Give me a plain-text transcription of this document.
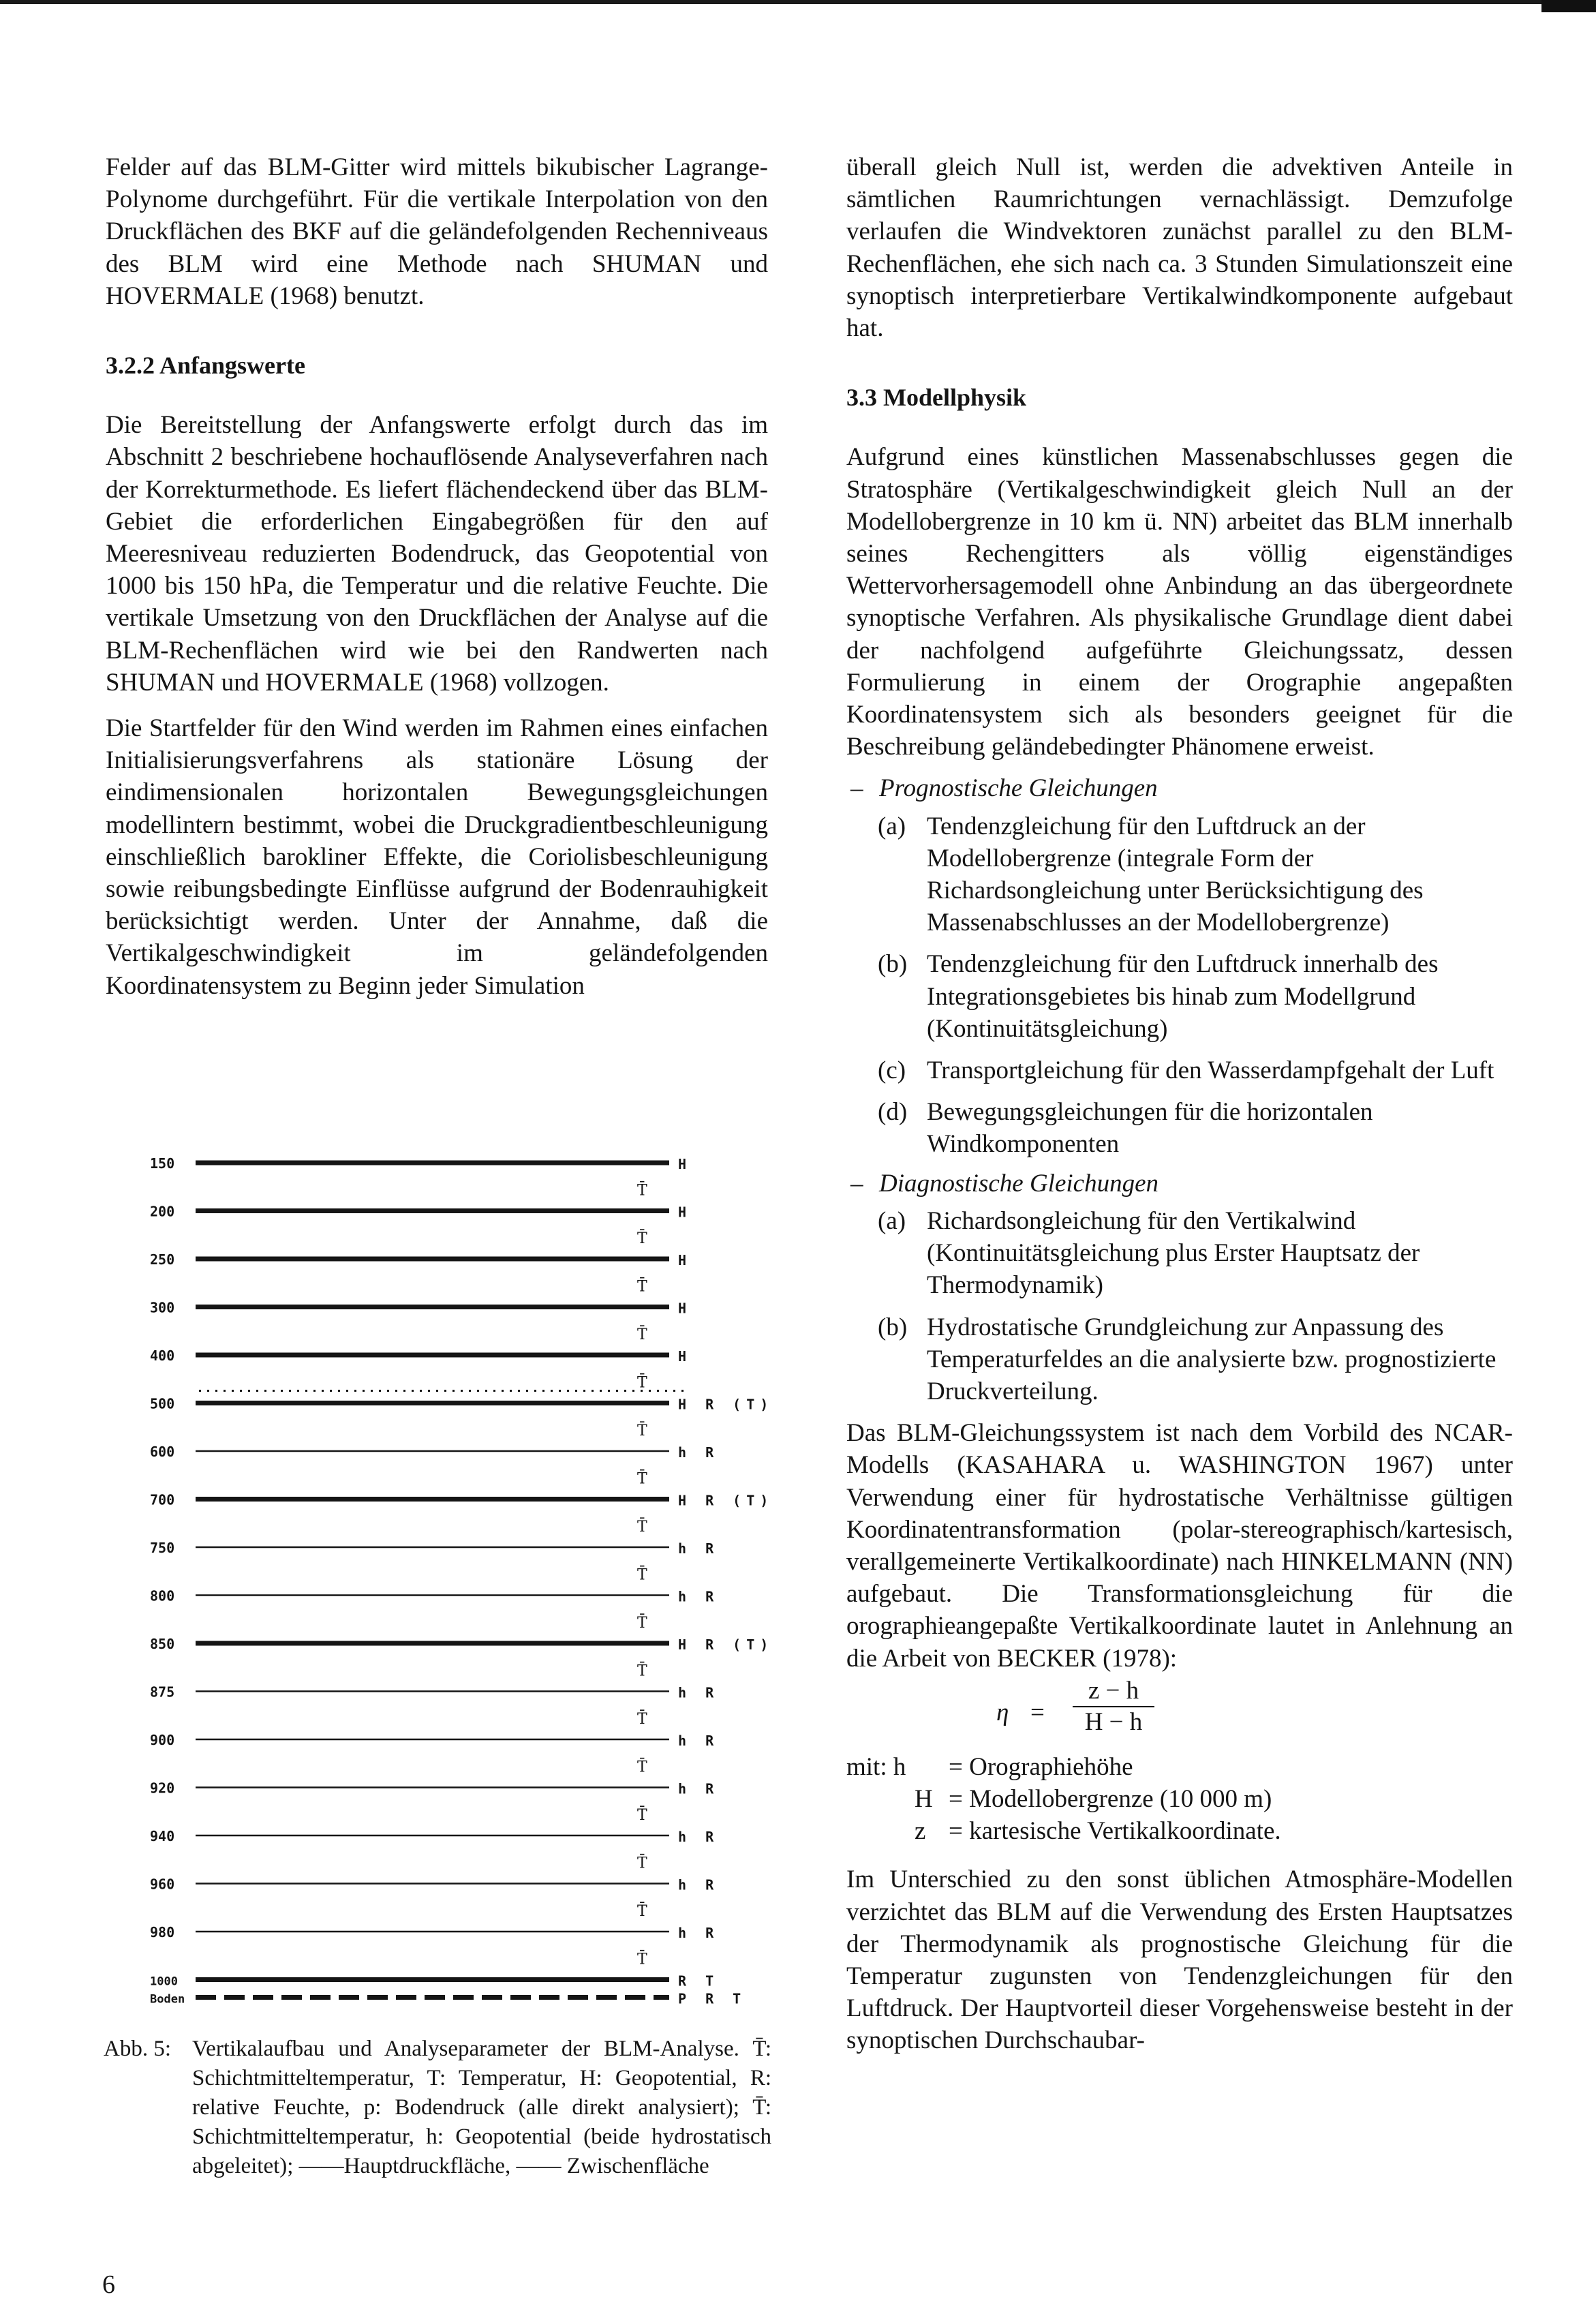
Felder auf das BLM-Gitter wird mittels bikubischer Lagrange-Polynome durchgeführt. Für die vertikale Interpolation von den Druckflächen des BKF auf die geländefolgenden Rechenniveaus des BLM wird eine Methode nach SHUMAN und HOVERMALE (1968) benutzt.

3.2.2 Anfangswerte

Die Bereitstellung der Anfangswerte erfolgt durch das im Abschnitt 2 beschriebene hochauflösende Analyseverfahren nach der Korrekturmethode. Es liefert flächendeckend über das BLM-Gebiet die erforderlichen Eingabegrößen für den auf Meeresniveau reduzierten Bodendruck, das Geopotential von 1000 bis 150 hPa, die Temperatur und die relative Feuchte. Die vertikale Umsetzung von den Druckflächen der Analyse auf die BLM-Rechenflächen wird wie bei den Randwerten nach SHUMAN und HOVERMALE (1968) vollzogen.

Die Startfelder für den Wind werden im Rahmen eines einfachen Initialisierungsverfahrens als stationäre Lösung der eindimensionalen horizontalen Bewegungsgleichungen modellintern bestimmt, wobei die Druckgradientbeschleunigung einschließlich barokliner Effekte, die Coriolisbeschleunigung sowie reibungsbedingte Einflüsse aufgrund der Bodenrauhigkeit berücksichtigt werden. Unter der Annahme, daß die Vertikalgeschwindigkeit im geländefolgenden Koordinatensystem zu Beginn jeder Simulation

überall gleich Null ist, werden die advektiven Anteile in sämtlichen Raumrichtungen vernachlässigt. Demzufolge verlaufen die Windvektoren zunächst parallel zu den BLM-Rechenflächen, ehe sich nach ca. 3 Stunden Simulationszeit eine synoptisch interpretierbare Vertikalwindkomponente aufgebaut hat.

3.3 Modellphysik

Aufgrund eines künstlichen Massenabschlusses gegen die Stratosphäre (Vertikalgeschwindigkeit gleich Null an der Modellobergrenze in 10 km ü. NN) arbeitet das BLM innerhalb seines Rechengitters als völlig eigenständiges Wettervorhersagemodell ohne Anbindung an das übergeordnete synoptische Verfahren. Als physikalische Grundlage dient dabei der nachfolgend aufgeführte Gleichungssatz, dessen Formulierung in einem der Orographie angepaßten Koordinatensystem sich als besonders geeignet für die Beschreibung geländebedingter Phänomene erweist.

– Prognostische Gleichungen

(a) Tendenzgleichung für den Luftdruck an der Modellobergrenze (integrale Form der Richardsongleichung unter Berücksichtigung des Massenabschlusses an der Modellobergrenze)

(b) Tendenzgleichung für den Luftdruck innerhalb des Integrationsgebietes bis hinab zum Modellgrund (Kontinuitätsgleichung)

(c) Transportgleichung für den Wasserdampfgehalt der Luft

(d) Bewegungsgleichungen für die horizontalen Windkomponenten

– Diagnostische Gleichungen

(a) Richardsongleichung für den Vertikalwind (Kontinuitätsgleichung plus Erster Hauptsatz der Thermodynamik)

(b) Hydrostatische Grundgleichung zur Anpassung des Temperaturfeldes an die analysierte bzw. prognostizierte Druckverteilung.

Das BLM-Gleichungssystem ist nach dem Vorbild des NCAR-Modells (KASAHARA u. WASHINGTON 1967) unter Verwendung einer für hydrostatische Verhältnisse gültigen Koordinatentransformation (polar-stereographisch/kartesisch, verallgemeinerte Vertikalkoordinate) nach HINKELMANN (NN) aufgebaut. Die Transformationsgleichung für die orographieangepaßte Vertikalkoordinate lautet in Anlehnung an die Arbeit von BECKER (1978):

$\eta = \frac{z - h}{H - h}$
mit: h = Orographiehöhe
H = Modellobergrenze (10 000 m)
z = kartesische Vertikalkoordinate.

Im Unterschied zu den sonst üblichen Atmosphäre-Modellen verzichtet das BLM auf die Verwendung des Ersten Hauptsatzes der Thermodynamik als prognostische Gleichung für die Temperatur zugunsten von Tendenzgleichungen für den Luftdruck. Der Hauptvorteil dieser Vorgehensweise besteht in der synoptischen Durchschaubar-

150	H
T̄
200	H
T̄
250	H
T̄
300	H
T̄
400	H
T̄
500	H R (T)
T̄
600	h R
T̄
700	H R (T)
T̄
750	h R
T̄
800	h R
T̄
850	H R (T)
T̄
875	h R
T̄
900	h R
T̄
920	h R
T̄
940	h R
T̄
960	h R
T̄
980	h R
T̄
1000	R T
Boden	P R T
Abb. 5: Vertikalaufbau und Analyseparameter der BLM-Analyse. T̄: Schichtmitteltemperatur, T: Temperatur, H: Geopotential, R: relative Feuchte, p: Bodendruck (alle direkt analysiert); T̄: Schichtmitteltemperatur, h: Geopotential (beide hydrostatisch abgeleitet); ——Hauptdruckfläche, —— Zwischenfläche
6
